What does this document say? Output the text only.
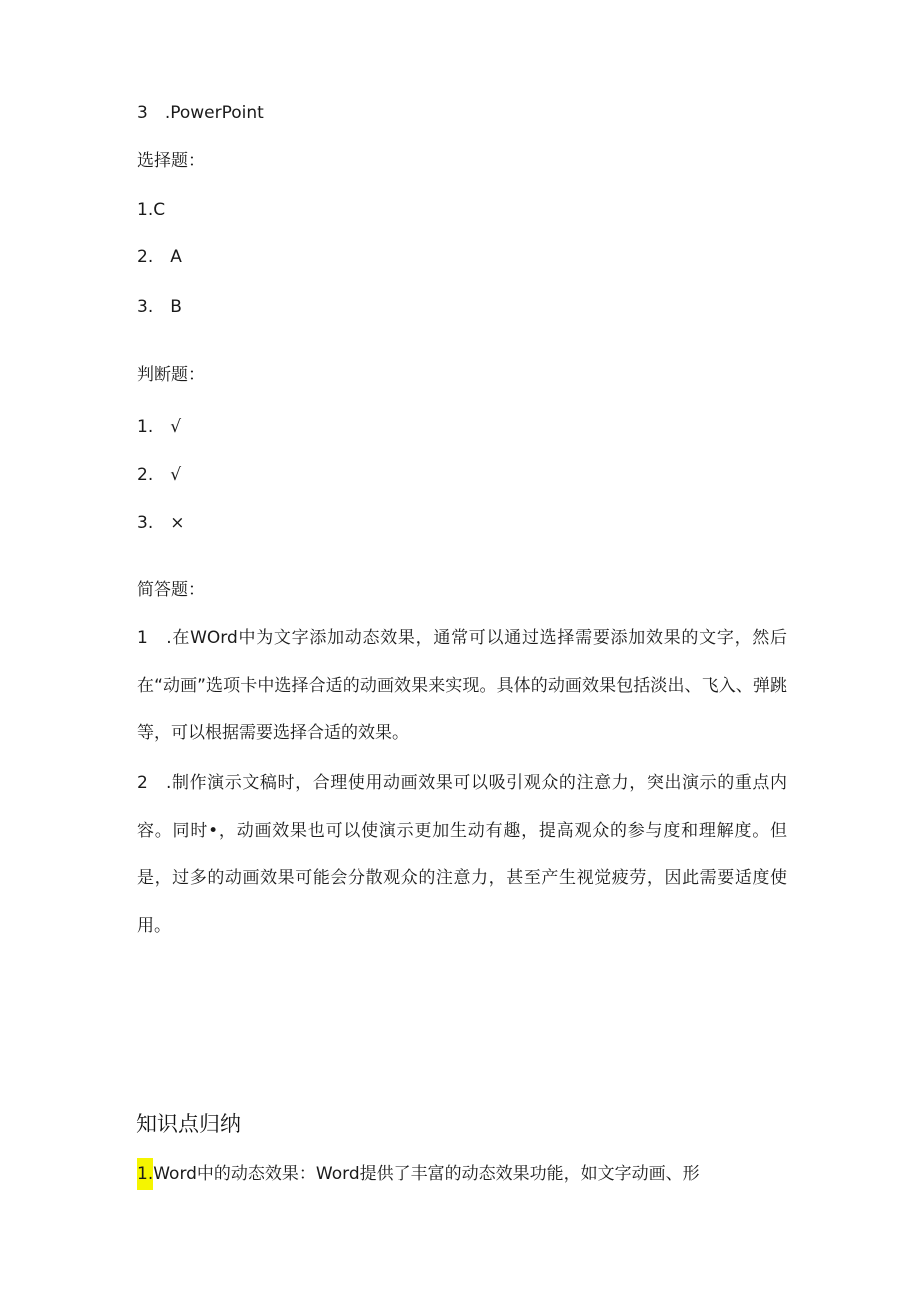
3　.PowerPoint
选择题：
1.C
2.　A
3.　B
判断题：
1.　√
2.　√
3.　×
简答题：
1　.在WOrd中为文字添加动态效果，通常可以通过选择需要添加效果的文字，然后在“动画”选项卡中选择合适的动画效果来实现。具体的动画效果包括淡出、飞入、弹跳等，可以根据需要选择合适的效果。
2　.制作演示文稿时，合理使用动画效果可以吸引观众的注意力，突出演示的重点内容。同时•，动画效果也可以使演示更加生动有趣，提高观众的参与度和理解度。但是，过多的动画效果可能会分散观众的注意力，甚至产生视觉疲劳，因此需要适度使用。
知识点归纳
1.Word中的动态效果：Word提供了丰富的动态效果功能，如文字动画、形
